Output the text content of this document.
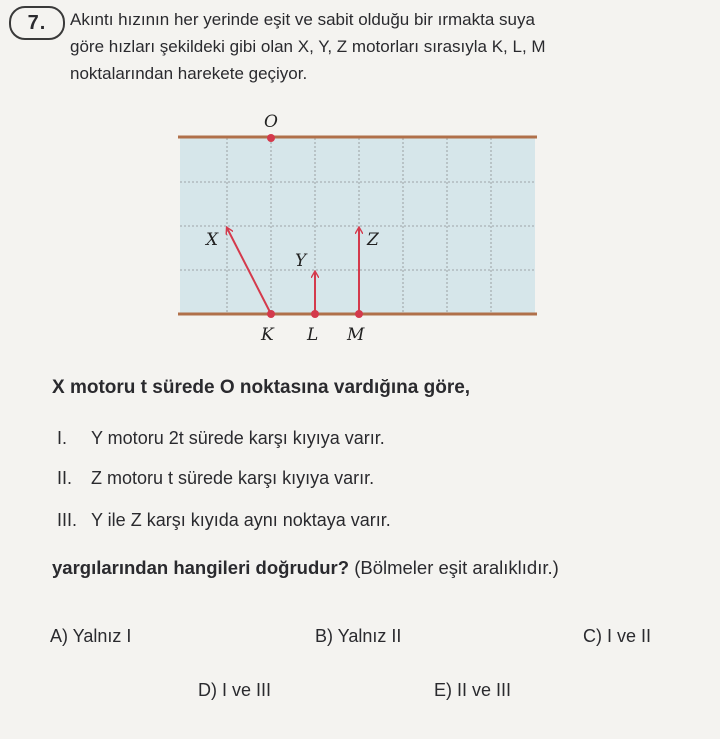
7.	Akıntı hızının her yerinde eşit ve sabit olduğu bir ırmakta suya
göre hızları şekildeki gibi olan X, Y, Z motorları sırasıyla K, L, M
noktalarından harekete geçiyor.
O
K L M
X
Y
Z
X motoru t sürede O noktasına vardığına göre,
I. Y motoru 2t sürede karşı kıyıya varır.
II. Z motoru t sürede karşı kıyıya varır.
III. Y ile Z karşı kıyıda aynı noktaya varır.
yargılarından hangileri doğrudur? (Bölmeler eşit aralıklıdır.)
A) Yalnız I	B) Yalnız II	C) I ve II
D) I ve III	E) II ve III
